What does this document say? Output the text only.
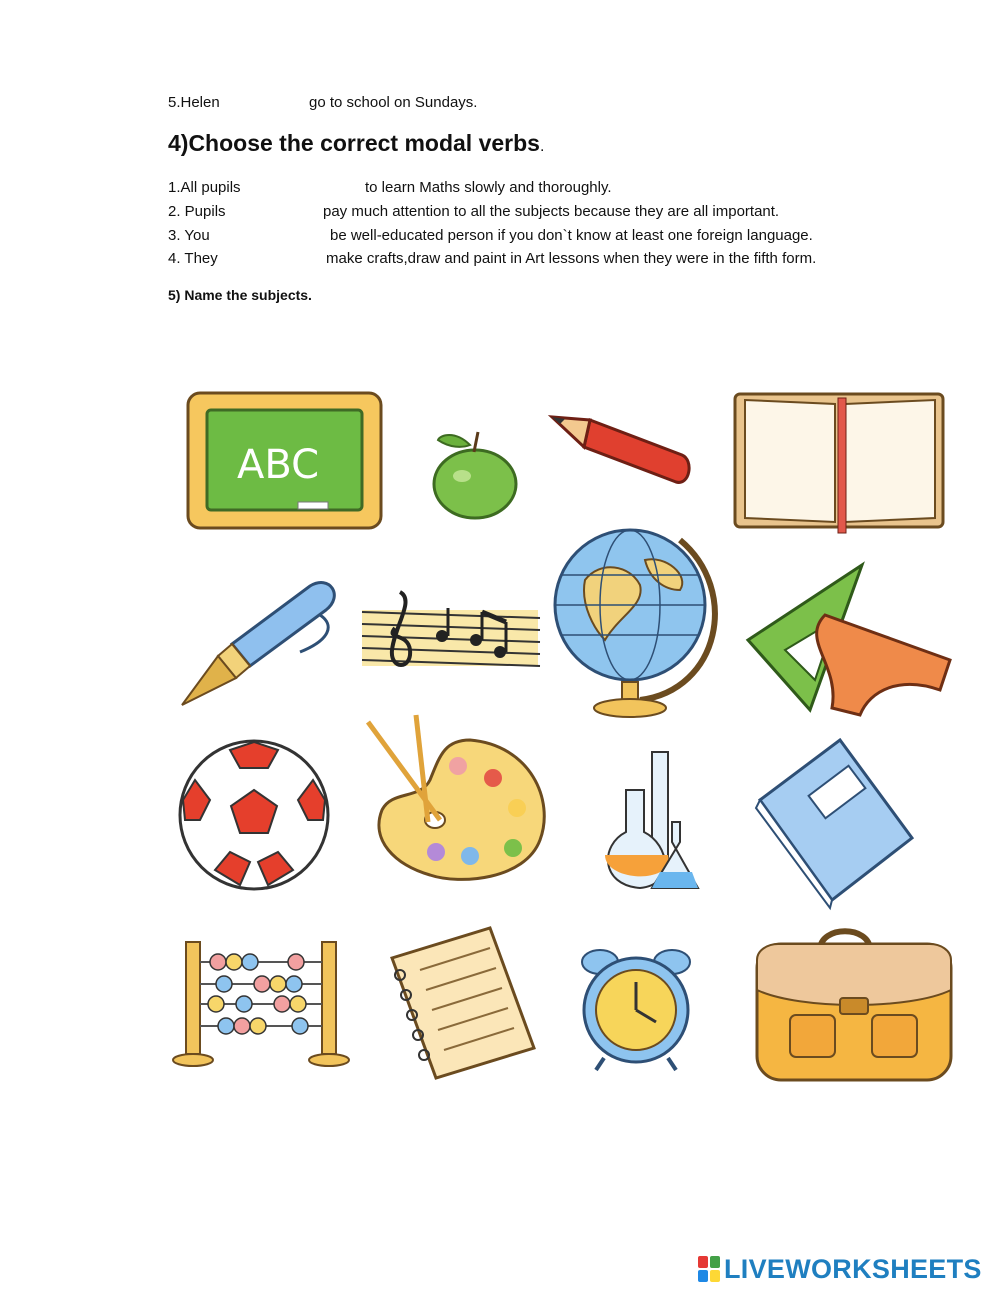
5.Helen	go to school on Sundays.
4)Choose the correct modal verbs.
1.All pupils	to learn Maths slowly and thoroughly.
2. Pupils	pay much attention to all the subjects because they are all important.
3. You	be well-educated person if you don`t know at least one foreign language.
4. They	make crafts,draw and paint in Art lessons when they were in the fifth form.
5) Name the subjects.
ABC
LIVEWORKSHEETS
